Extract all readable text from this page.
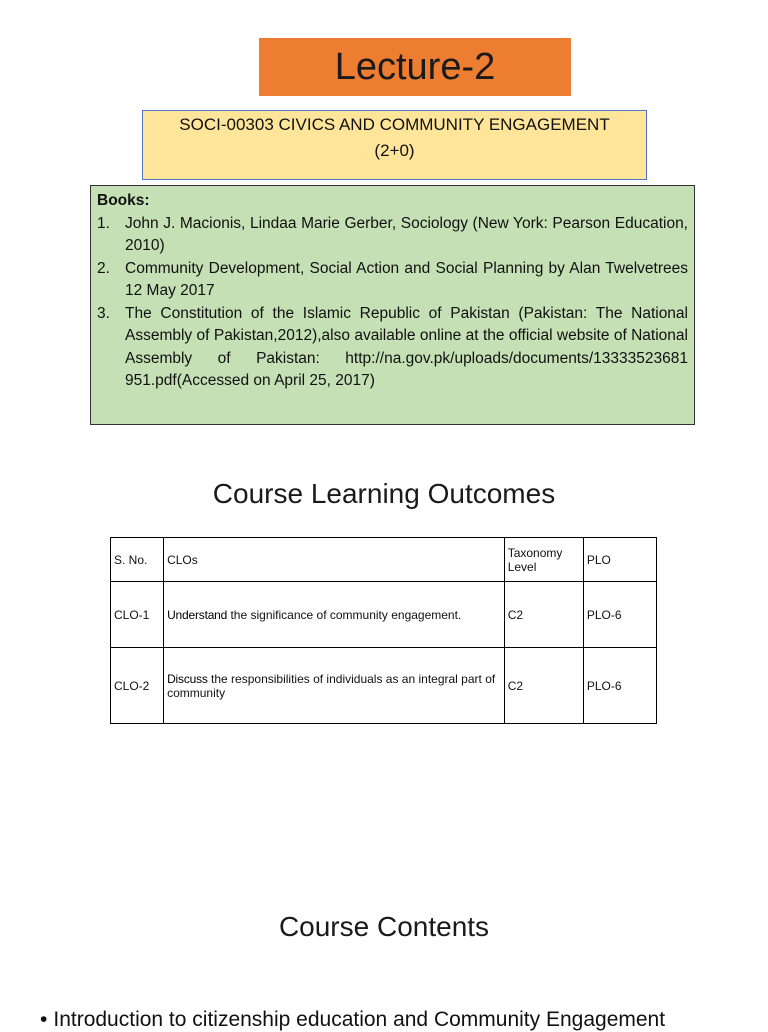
Lecture-2
SOCI-00303 CIVICS AND COMMUNITY ENGAGEMENT
(2+0)
Books:
1. John J. Macionis, Lindaa Marie Gerber, Sociology (New York: Pearson Education, 2010)
2. Community Development, Social Action and Social Planning by Alan Twelvetrees 12 May 2017
3. The Constitution of the Islamic Republic of Pakistan (Pakistan: The National Assembly of Pakistan,2012),also available online at the official website of National Assembly of Pakistan: http://na.gov.pk/uploads/documents/13333523681 951.pdf(Accessed on April 25, 2017)
Course Learning Outcomes
S. No.	CLOs	Taxonomy Level	PLO
CLO-1	Understand the significance of community engagement.	C2	PLO-6
CLO-2	Discuss the responsibilities of individuals as an integral part of community	C2	PLO-6
Course Contents
• Introduction to citizenship education and Community Engagement
